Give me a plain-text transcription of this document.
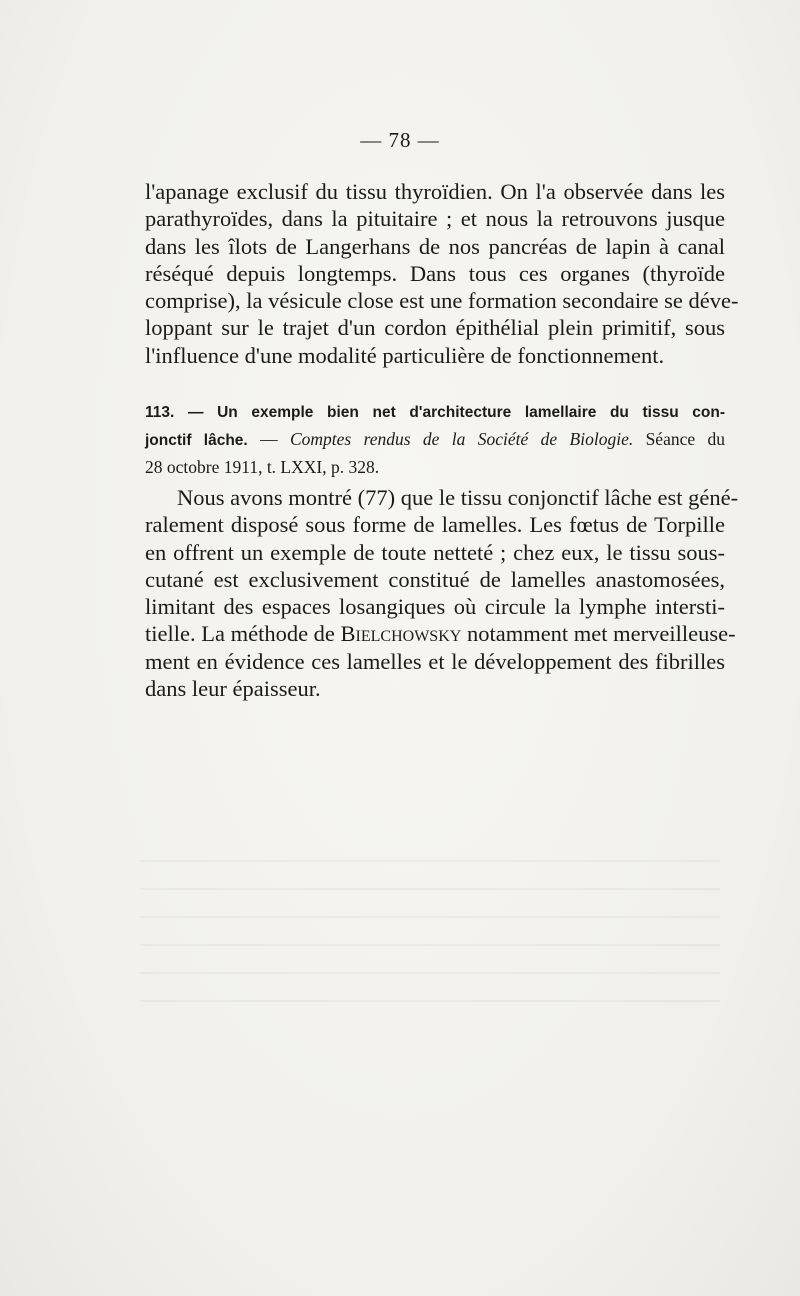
— 78 —

l'apanage exclusif du tissu thyroïdien. On l'a observée dans les
parathyroïdes, dans la pituitaire ; et nous la retrouvons jusque
dans les îlots de Langerhans de nos pancréas de lapin à canal
réséqué depuis longtemps. Dans tous ces organes (thyroïde
comprise), la vésicule close est une formation secondaire se déve-
loppant sur le trajet d'un cordon épithélial plein primitif, sous
l'influence d'une modalité particulière de fonctionnement.

113. — Un exemple bien net d'architecture lamellaire du tissu con-
jonctif lâche. — Comptes rendus de la Société de Biologie. Séance du
28 octobre 1911, t. LXXI, p. 328.

Nous avons montré (77) que le tissu conjonctif lâche est géné-
ralement disposé sous forme de lamelles. Les fœtus de Torpille
en offrent un exemple de toute netteté ; chez eux, le tissu sous-
cutané est exclusivement constitué de lamelles anastomosées,
limitant des espaces losangiques où circule la lymphe intersti-
tielle. La méthode de Bielchowsky notamment met merveilleuse-
ment en évidence ces lamelles et le développement des fibrilles
dans leur épaisseur.
